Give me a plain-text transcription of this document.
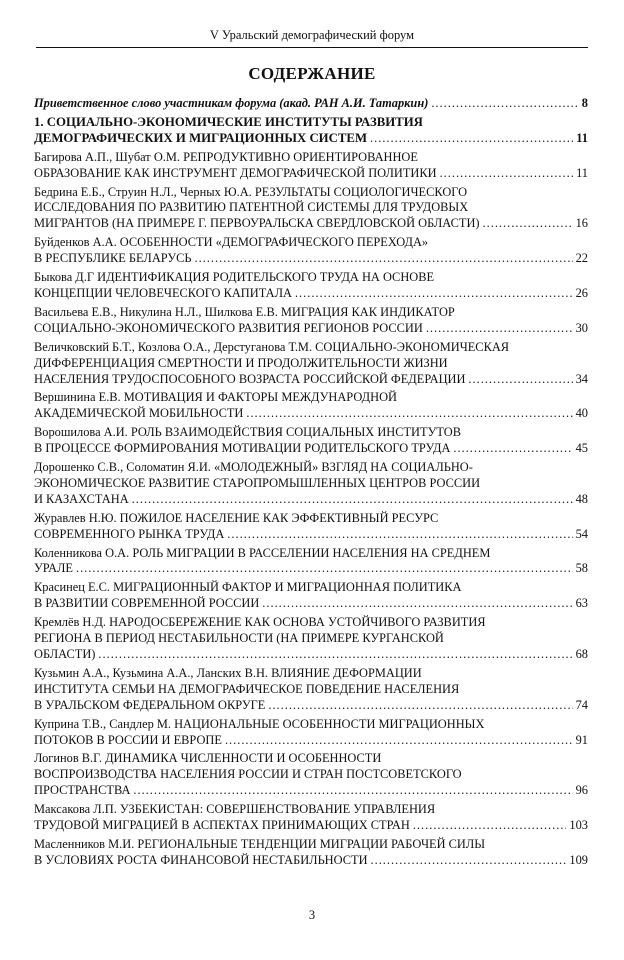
V Уральский демографический форум
СОДЕРЖАНИЕ
Приветственное слово участникам форума (акад. РАН А.И. Татаркин) .....	8
1. СОЦИАЛЬНО-ЭКОНОМИЧЕСКИЕ ИНСТИТУТЫ РАЗВИТИЯ
ДЕМОГРАФИЧЕСКИХ И МИГРАЦИОННЫХ СИСТЕМ .....	11
Багирова А.П., Шубат О.М. РЕПРОДУКТИВНО ОРИЕНТИРОВАННОЕ
ОБРАЗОВАНИЕ КАК ИНСТРУМЕНТ ДЕМОГРАФИЧЕСКОЙ ПОЛИТИКИ .....	11
Бедрина Е.Б., Струин Н.Л., Черных Ю.А. РЕЗУЛЬТАТЫ СОЦИОЛОГИЧЕСКОГО
ИССЛЕДОВАНИЯ ПО РАЗВИТИЮ ПАТЕНТНОЙ СИСТЕМЫ ДЛЯ ТРУДОВЫХ
МИГРАНТОВ (НА ПРИМЕРЕ Г. ПЕРВОУРАЛЬСКА СВЕРДЛОВСКОЙ ОБЛАСТИ) .....	16
Буйденков А.А. ОСОБЕННОСТИ «ДЕМОГРАФИЧЕСКОГО ПЕРЕХОДА»
В РЕСПУБЛИКЕ БЕЛАРУСЬ .....	22
Быкова Д.Г ИДЕНТИФИКАЦИЯ РОДИТЕЛЬСКОГО ТРУДА НА ОСНОВЕ
КОНЦЕПЦИИ ЧЕЛОВЕЧЕСКОГО КАПИТАЛА .....	26
Васильева Е.В., Никулина Н.Л., Шилкова Е.В. МИГРАЦИЯ КАК ИНДИКАТОР
СОЦИАЛЬНО-ЭКОНОМИЧЕСКОГО РАЗВИТИЯ РЕГИОНОВ РОССИИ .....	30
Величковский Б.Т., Козлова О.А., Дерстуганова Т.М. СОЦИАЛЬНО-ЭКОНОМИЧЕСКАЯ
ДИФФЕРЕНЦИАЦИЯ СМЕРТНОСТИ И ПРОДОЛЖИТЕЛЬНОСТИ ЖИЗНИ
НАСЕЛЕНИЯ ТРУДОСПОСОБНОГО ВОЗРАСТА РОССИЙСКОЙ ФЕДЕРАЦИИ .....	34
Вершинина Е.В. МОТИВАЦИЯ И ФАКТОРЫ МЕЖДУНАРОДНОЙ
АКАДЕМИЧЕСКОЙ МОБИЛЬНОСТИ .....	40
Ворошилова А.И. РОЛЬ ВЗАИМОДЕЙСТВИЯ СОЦИАЛЬНЫХ ИНСТИТУТОВ
В ПРОЦЕССЕ ФОРМИРОВАНИЯ МОТИВАЦИИ РОДИТЕЛЬСКОГО ТРУДА .....	45
Дорошенко С.В., Соломатин Я.И. «МОЛОДЕЖНЫЙ» ВЗГЛЯД НА СОЦИАЛЬНО-
ЭКОНОМИЧЕСКОЕ РАЗВИТИЕ СТАРОПРОМЫШЛЕННЫХ ЦЕНТРОВ РОССИИ
И КАЗАХСТАНА .....	48
Журавлев Н.Ю. ПОЖИЛОЕ НАСЕЛЕНИЕ КАК ЭФФЕКТИВНЫЙ РЕСУРС
СОВРЕМЕННОГО РЫНКА ТРУДА .....	54
Коленникова О.А. РОЛЬ МИГРАЦИИ В РАССЕЛЕНИИ НАСЕЛЕНИЯ НА СРЕДНЕМ
УРАЛЕ .....	58
Красинец Е.С. МИГРАЦИОННЫЙ ФАКТОР И МИГРАЦИОННАЯ ПОЛИТИКА
В РАЗВИТИИ СОВРЕМЕННОЙ РОССИИ .....	63
Кремлёв Н.Д. НАРОДОСБЕРЕЖЕНИЕ КАК ОСНОВА УСТОЙЧИВОГО РАЗВИТИЯ
РЕГИОНА В ПЕРИОД НЕСТАБИЛЬНОСТИ (НА ПРИМЕРЕ КУРГАНСКОЙ
ОБЛАСТИ) .....	68
Кузьмин А.А., Кузьмина А.А., Ланских В.Н. ВЛИЯНИЕ ДЕФОРМАЦИИ
ИНСТИТУТА СЕМЬИ НА ДЕМОГРАФИЧЕСКОЕ ПОВЕДЕНИЕ НАСЕЛЕНИЯ
В УРАЛЬСКОМ ФЕДЕРАЛЬНОМ ОКРУГЕ .....	74
Куприна Т.В., Сандлер М. НАЦИОНАЛЬНЫЕ ОСОБЕННОСТИ МИГРАЦИОННЫХ
ПОТОКОВ В РОССИИ И ЕВРОПЕ .....	91
Логинов В.Г. ДИНАМИКА ЧИСЛЕННОСТИ И ОСОБЕННОСТИ
ВОСПРОИЗВОДСТВА НАСЕЛЕНИЯ РОССИИ И СТРАН ПОСТСОВЕТСКОГО
ПРОСТРАНСТВА .....	96
Максакова Л.П. УЗБЕКИСТАН: СОВЕРШЕНСТВОВАНИЕ УПРАВЛЕНИЯ
ТРУДОВОЙ МИГРАЦИЕЙ В АСПЕКТАХ ПРИНИМАЮЩИХ СТРАН .....	103
Масленников М.И. РЕГИОНАЛЬНЫЕ ТЕНДЕНЦИИ МИГРАЦИИ РАБОЧЕЙ СИЛЫ
В УСЛОВИЯХ РОСТА ФИНАНСОВОЙ НЕСТАБИЛЬНОСТИ .....	109
3
